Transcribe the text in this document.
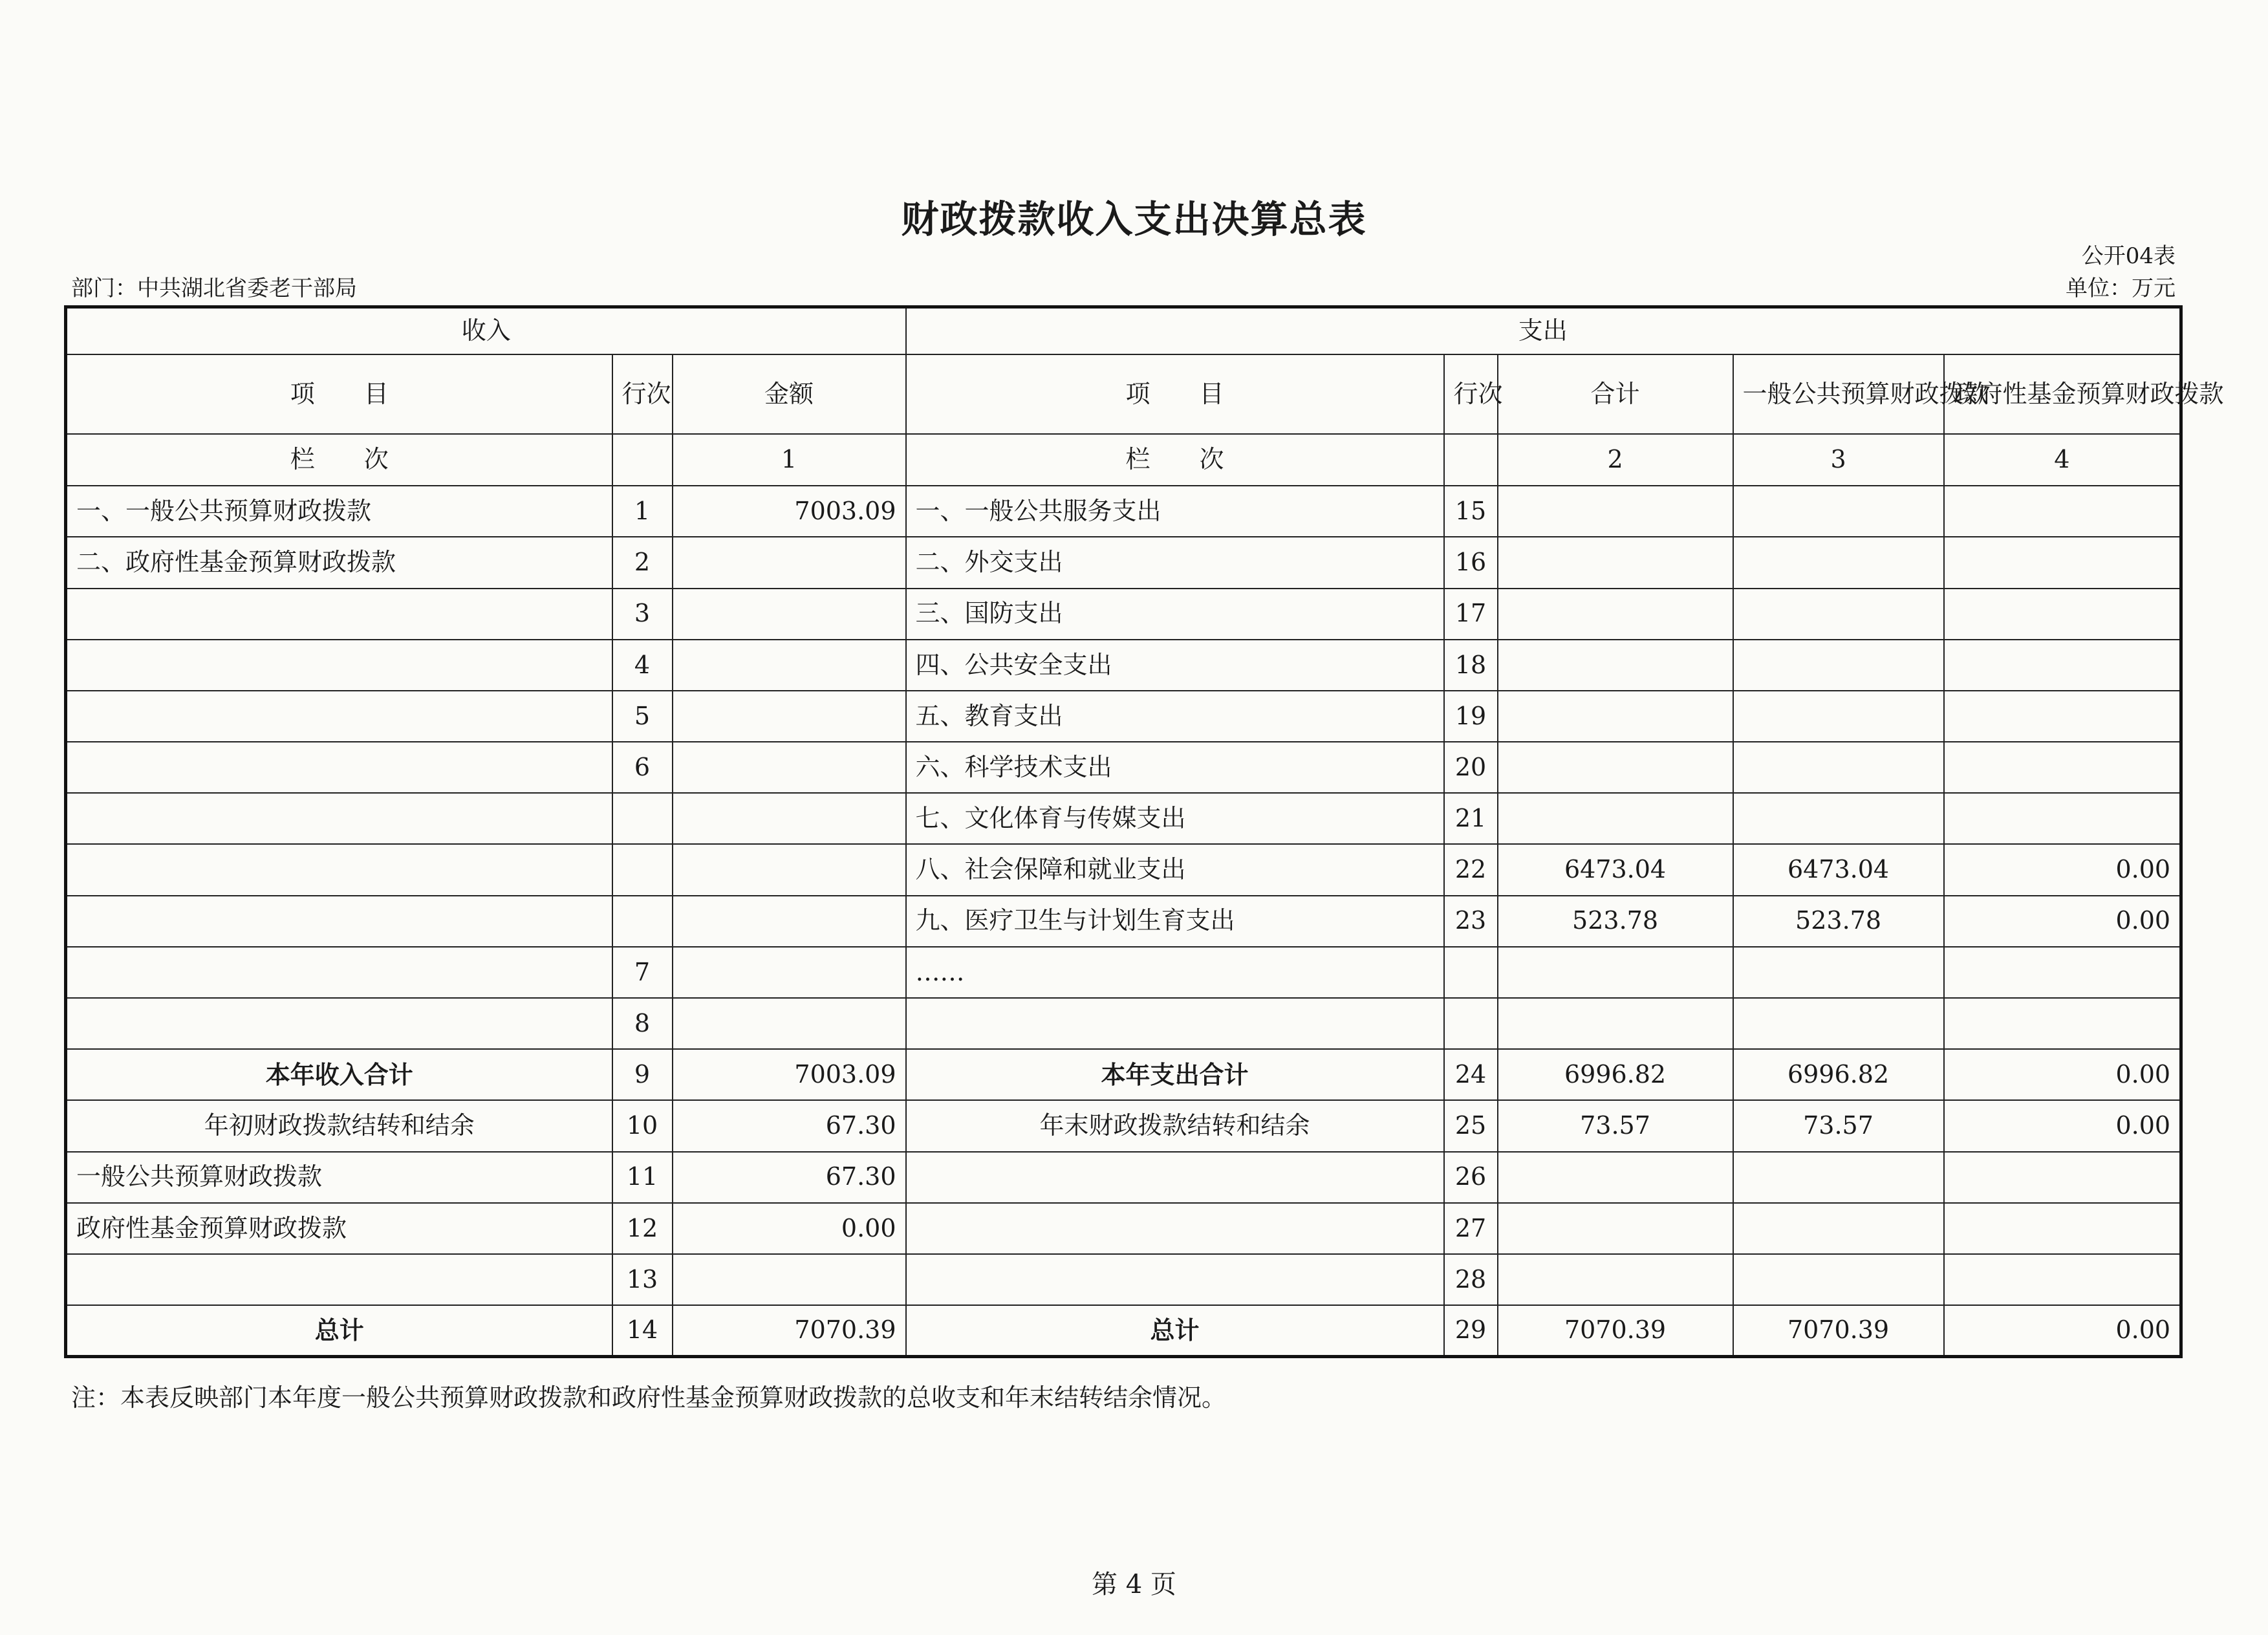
财政拨款收入支出决算总表
公开04表
部门：中共湖北省委老干部局	单位：万元
收入			支出				
项　　目	行次	金额	项　　目	行次	合计	一般公共预算财政拨款	政府性基金预算财政拨款
栏　　次		1	栏　　次		2	3	4
一、一般公共预算财政拨款	1	7003.09	一、一般公共服务支出	15			
二、政府性基金预算财政拨款	2		二、外交支出	16			
	3		三、国防支出	17			
	4		四、公共安全支出	18			
	5		五、教育支出	19			
	6		六、科学技术支出	20			
			七、文化体育与传媒支出	21			
			八、社会保障和就业支出	22	6473.04	6473.04	0.00
			九、医疗卫生与计划生育支出	23	523.78	523.78	0.00
	7		……				
	8						
本年收入合计	9	7003.09	本年支出合计	24	6996.82	6996.82	0.00
年初财政拨款结转和结余	10	67.30	年末财政拨款结转和结余	25	73.57	73.57	0.00
一般公共预算财政拨款	11	67.30		26			
政府性基金预算财政拨款	12	0.00		27			
	13			28			
总计	14	7070.39	总计	29	7070.39	7070.39	0.00
注：本表反映部门本年度一般公共预算财政拨款和政府性基金预算财政拨款的总收支和年末结转结余情况。
第 4 页
